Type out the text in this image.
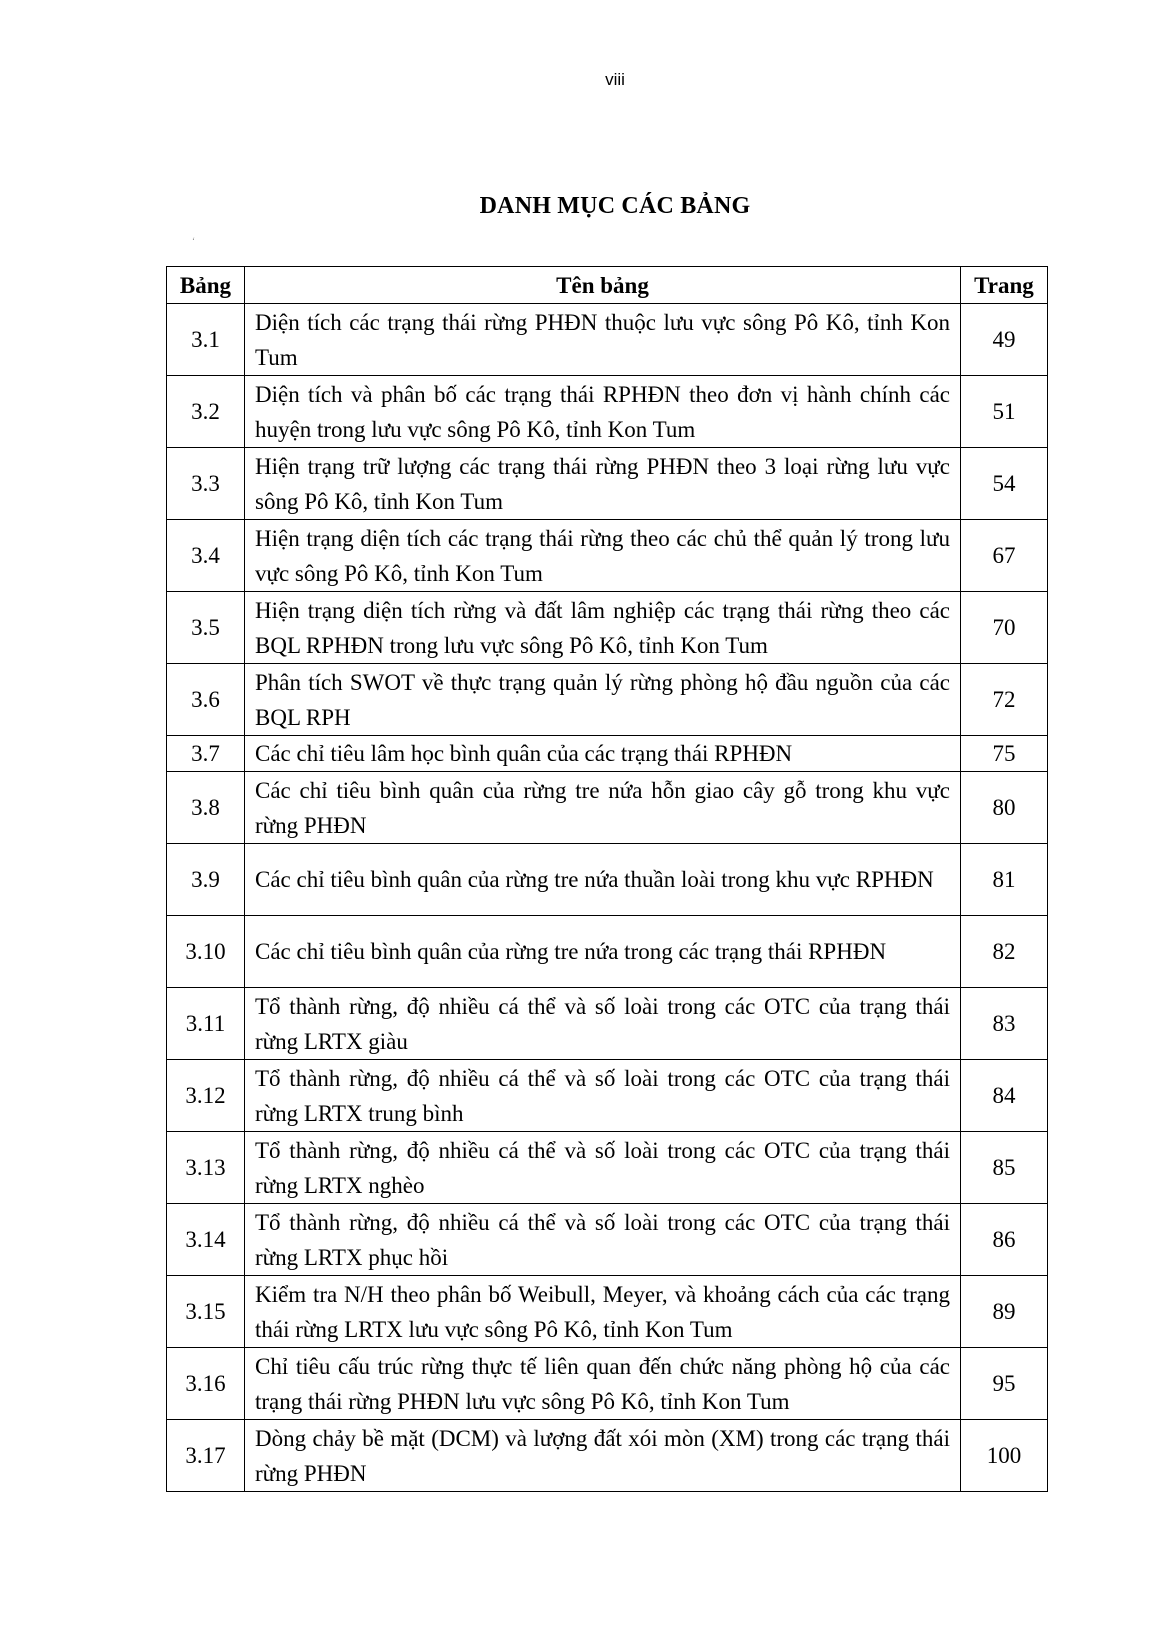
viii
DANH MỤC CÁC BẢNG
‘
Bảng	Tên bảng	Trang
3.1	Diện tích các trạng thái rừng PHĐN thuộc lưu vực sông Pô Kô, tỉnh Kon Tum	49
3.2	Diện tích và phân bố các trạng thái RPHĐN theo đơn vị hành chính các huyện trong lưu vực sông Pô Kô, tỉnh Kon Tum	51
3.3	Hiện trạng trữ lượng các trạng thái rừng PHĐN theo 3 loại rừng lưu vực sông Pô Kô, tỉnh Kon Tum	54
3.4	Hiện trạng diện tích các trạng thái rừng theo các chủ thể quản lý trong lưu vực sông Pô Kô, tỉnh Kon Tum	67
3.5	Hiện trạng diện tích rừng và đất lâm nghiệp các trạng thái rừng theo các BQL RPHĐN trong lưu vực sông Pô Kô, tỉnh Kon Tum	70
3.6	Phân tích SWOT về thực trạng quản lý rừng phòng hộ đầu nguồn của các BQL RPH	72
3.7	Các chỉ tiêu lâm học bình quân của các trạng thái RPHĐN	75
3.8	Các chỉ tiêu bình quân của rừng tre nứa hỗn giao cây gỗ trong khu vực rừng PHĐN	80
3.9	Các chỉ tiêu bình quân của rừng tre nứa thuần loài trong khu vực RPHĐN	81
3.10	Các chỉ tiêu bình quân của rừng tre nứa trong các trạng thái RPHĐN	82
3.11	Tổ thành rừng, độ nhiều cá thể và số loài trong các OTC của trạng thái rừng LRTX giàu	83
3.12	Tổ thành rừng, độ nhiều cá thể và số loài trong các OTC của trạng thái rừng LRTX trung bình	84
3.13	Tổ thành rừng, độ nhiều cá thể và số loài trong các OTC của trạng thái rừng LRTX nghèo	85
3.14	Tổ thành rừng, độ nhiều cá thể và số loài trong các OTC của trạng thái rừng LRTX phục hồi	86
3.15	Kiểm tra N/H theo phân bố Weibull, Meyer, và khoảng cách của các trạng thái rừng LRTX lưu vực sông Pô Kô, tỉnh Kon Tum	89
3.16	Chỉ tiêu cấu trúc rừng thực tế liên quan đến chức năng phòng hộ của các trạng thái rừng PHĐN lưu vực sông Pô Kô, tỉnh Kon Tum	95
3.17	Dòng chảy bề mặt (DCM) và lượng đất xói mòn (XM) trong các trạng thái rừng PHĐN	100
